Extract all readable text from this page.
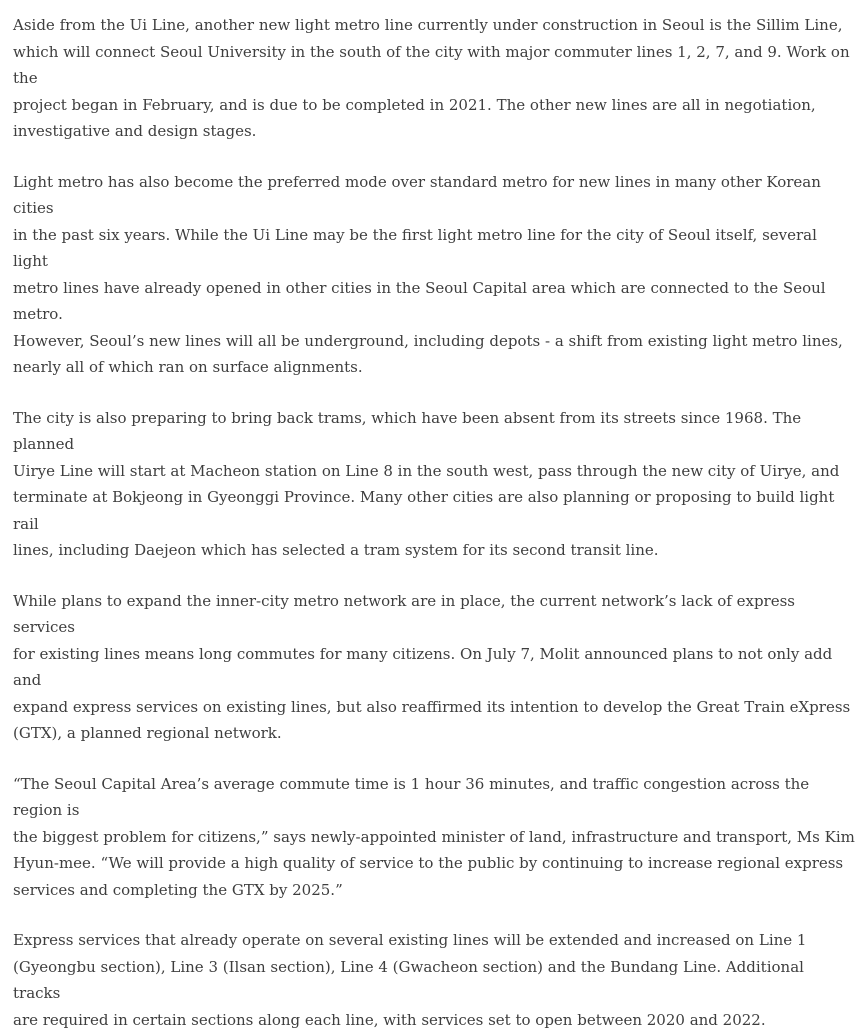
Aside from the Ui Line, another new light metro line currently under construction in Seoul is the Sillim Line,
which will connect Seoul University in the south of the city with major commuter lines 1, 2, 7, and 9. Work on the
project began in February, and is due to be completed in 2021. The other new lines are all in negotiation,
investigative and design stages.

Light metro has also become the preferred mode over standard metro for new lines in many other Korean cities
in the past six years. While the Ui Line may be the first light metro line for the city of Seoul itself, several light
metro lines have already opened in other cities in the Seoul Capital area which are connected to the Seoul metro.
However, Seoul’s new lines will all be underground, including depots - a shift from existing light metro lines,
nearly all of which ran on surface alignments.

The city is also preparing to bring back trams, which have been absent from its streets since 1968. The planned
Uirye Line will start at Macheon station on Line 8 in the south west, pass through the new city of Uirye, and
terminate at Bokjeong in Gyeonggi Province. Many other cities are also planning or proposing to build light rail
lines, including Daejeon which has selected a tram system for its second transit line.

While plans to expand the inner-city metro network are in place, the current network’s lack of express services
for existing lines means long commutes for many citizens. On July 7, Molit announced plans to not only add and
expand express services on existing lines, but also reaffirmed its intention to develop the Great Train eXpress
(GTX), a planned regional network.

“The Seoul Capital Area’s average commute time is 1 hour 36 minutes, and traffic congestion across the region is
the biggest problem for citizens,” says newly-appointed minister of land, infrastructure and transport, Ms Kim
Hyun-mee. “We will provide a high quality of service to the public by continuing to increase regional express
services and completing the GTX by 2025.”

Express services that already operate on several existing lines will be extended and increased on Line 1
(Gyeongbu section), Line 3 (Ilsan section), Line 4 (Gwacheon section) and the Bundang Line. Additional tracks
are required in certain sections along each line, with services set to open between 2020 and 2022.
